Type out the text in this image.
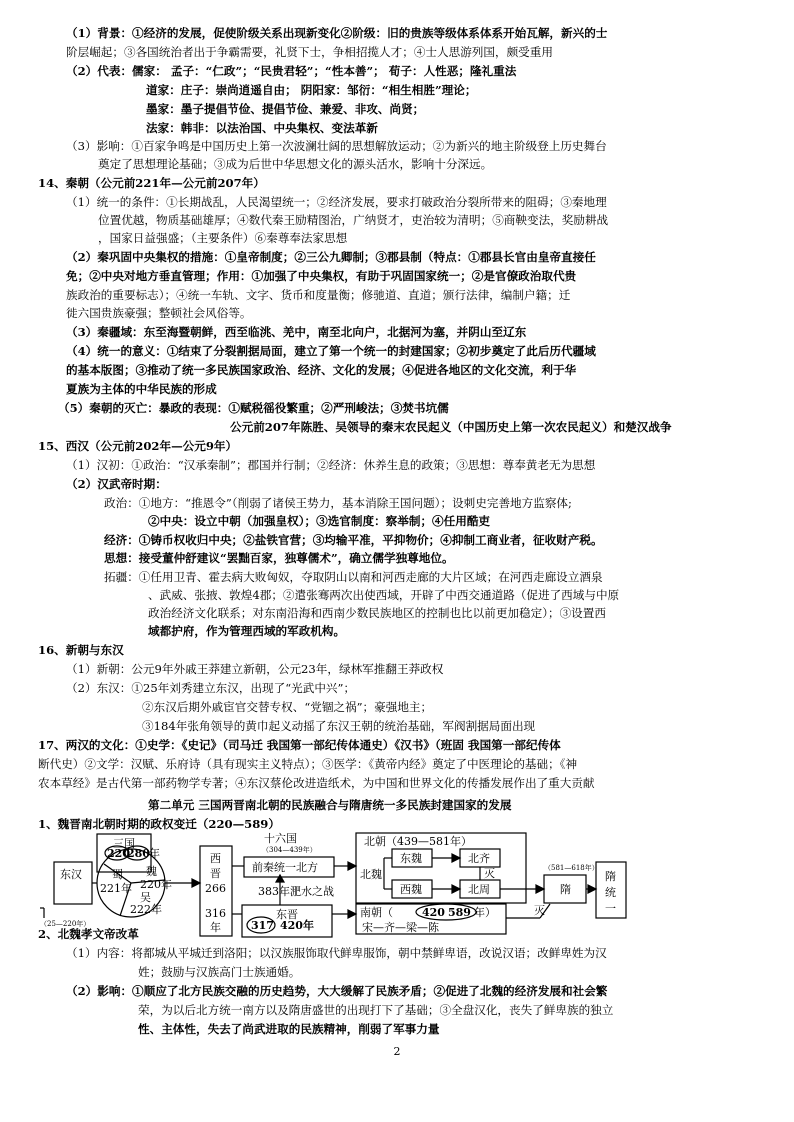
（1）背景：①经济的发展，促使阶级关系出现新变化②阶级：旧的贵族等级体系体系开始瓦解，新兴的士
阶层崛起；③各国统治者出于争霸需要，礼贤下士，争相招揽人才；④士人思游列国，颇受重用
（2）代表：儒家： 孟子：“仁政”；“民贵君轻”；“性本善”； 荀子：人性恶；隆礼重法
道家：庄子：崇尚逍遥自由； 阴阳家：邹衍：“相生相胜”理论；
墨家：墨子提倡节俭、提倡节俭、兼爱、非攻、尚贤；
法家：韩非：以法治国、中央集权、变法革新
（3）影响：①百家争鸣是中国历史上第一次波澜壮阔的思想解放运动；②为新兴的地主阶级登上历史舞台
奠定了思想理论基础；③成为后世中华思想文化的源头活水，影响十分深远。
14、秦朝（公元前221年—公元前207年）
（1）统一的条件：①长期战乱，人民渴望统一；②经济发展，要求打破政治分裂所带来的阻碍；③秦地理
位置优越，物质基础雄厚；④数代秦王励精图治，广纳贤才，吏治较为清明；⑤商鞅变法，奖励耕战
，国家日益强盛；（主要条件）⑥秦尊奉法家思想
（2）秦巩固中央集权的措施：①皇帝制度；②三公九卿制；③郡县制（特点：①郡县长官由皇帝直接任
免；②中央对地方垂直管理；作用：①加强了中央集权，有助于巩固国家统一；②是官僚政治取代贵
族政治的重要标志）；④统一车轨、文字、货币和度量衡；修驰道、直道；颁行法律，编制户籍；迁
徙六国贵族豪强；整顿社会风俗等。
（3）秦疆域：东至海暨朝鲜，西至临洮、羌中，南至北向户，北据河为塞，并阴山至辽东
（4）统一的意义：①结束了分裂割据局面，建立了第一个统一的封建国家；②初步奠定了此后历代疆域
的基本版图；③推动了统一多民族国家政治、经济、文化的发展；④促进各地区的文化交流，利于华
夏族为主体的中华民族的形成
（5）秦朝的灭亡：暴政的表现：①赋税徭役繁重；②严刑峻法；③焚书坑儒
公元前207年陈胜、吴领导的秦末农民起义（中国历史上第一次农民起义）和楚汉战争
15、西汉（公元前202年—公元9年）
（1）汉初：①政治：“汉承秦制”；郡国并行制；②经济：休养生息的政策；③思想：尊奉黄老无为思想
（2）汉武帝时期：
政治：①地方：“推恩令”（削弱了诸侯王势力，基本消除王国问题）；设刺史完善地方监察体;
②中央：设立中朝（加强皇权）；③选官制度：察举制；④任用酷吏
经济：①铸币权收归中央；②盐铁官营；③均输平准，平抑物价；④抑制工商业者，征收财产税。
思想：接受董仲舒建议“罢黜百家，独尊儒术”，确立儒学独尊地位。
拓疆：①任用卫青、霍去病大败匈奴，夺取阴山以南和河西走廊的大片区域；在河西走廊设立酒泉
、武威、张掖、敦煌4郡；②遣张骞两次出使西域，开辟了中西交通道路（促进了西域与中原
政治经济文化联系；对东南沿海和西南少数民族地区的控制也比以前更加稳定）；③设置西
域都护府，作为管理西域的军政机构。
16、新朝与东汉
（1）新朝：公元9年外戚王莽建立新朝，公元23年，绿林军推翻王莽政权
（2）东汉：①25年刘秀建立东汉，出现了“光武中兴”；
②东汉后期外戚宦官交替专权、“党锢之祸”；豪强地主；
③184年张角领导的黄巾起义动摇了东汉王朝的统治基础，军阀割据局面出现
17、两汉的文化：①史学：《史记》（司马迁 我国第一部纪传体通史）《汉书》（班固 我国第一部纪传体
断代史）②文学：汉赋、乐府诗（具有现实主义特点）；③医学：《黄帝内经》奠定了中医理论的基础；《神
农本草经》是古代第一部药物学专著；④东汉蔡伦改进造纸术，为中国和世界文化的传播发展作出了重大贡献
第二单元 三国两晋南北朝的民族融合与隋唐统一多民族封建国家的发展
1、魏晋南北朝时期的政权变迁（220—589）
2、北魏孝文帝改革
（1）内容：将都城从平城迁到洛阳；以汉族服饰取代鲜卑服饰，朝中禁鲜卑语，改说汉语；改鲜卑姓为汉
姓；鼓励与汉族高门士族通婚。
（2）影响：①顺应了北方民族交融的历史趋势，大大缓解了民族矛盾；②促进了北魏的经济发展和社会繁
荣，为以后北方统一南方以及隋唐盛世的出现打下了基础；③全盘汉化，丧失了鲜卑族的独立
性、主体性，失去了尚武进取的民族精神，削弱了军事力量
三国
220
280 年
魏
220年
蜀
221年
吴
222年
东汉
（25—220年）
西
晋
266
316
年
十六国
（304—439年）
前秦统一北方
383年淝水之战
东晋
317 420年
北朝（439—581年）
东魏	北齐
北魏	灭
西魏	北周
南朝（	420 589 年）
宋—齐—梁—陈
（581—618年）
隋
灭
隋
统
一
2
